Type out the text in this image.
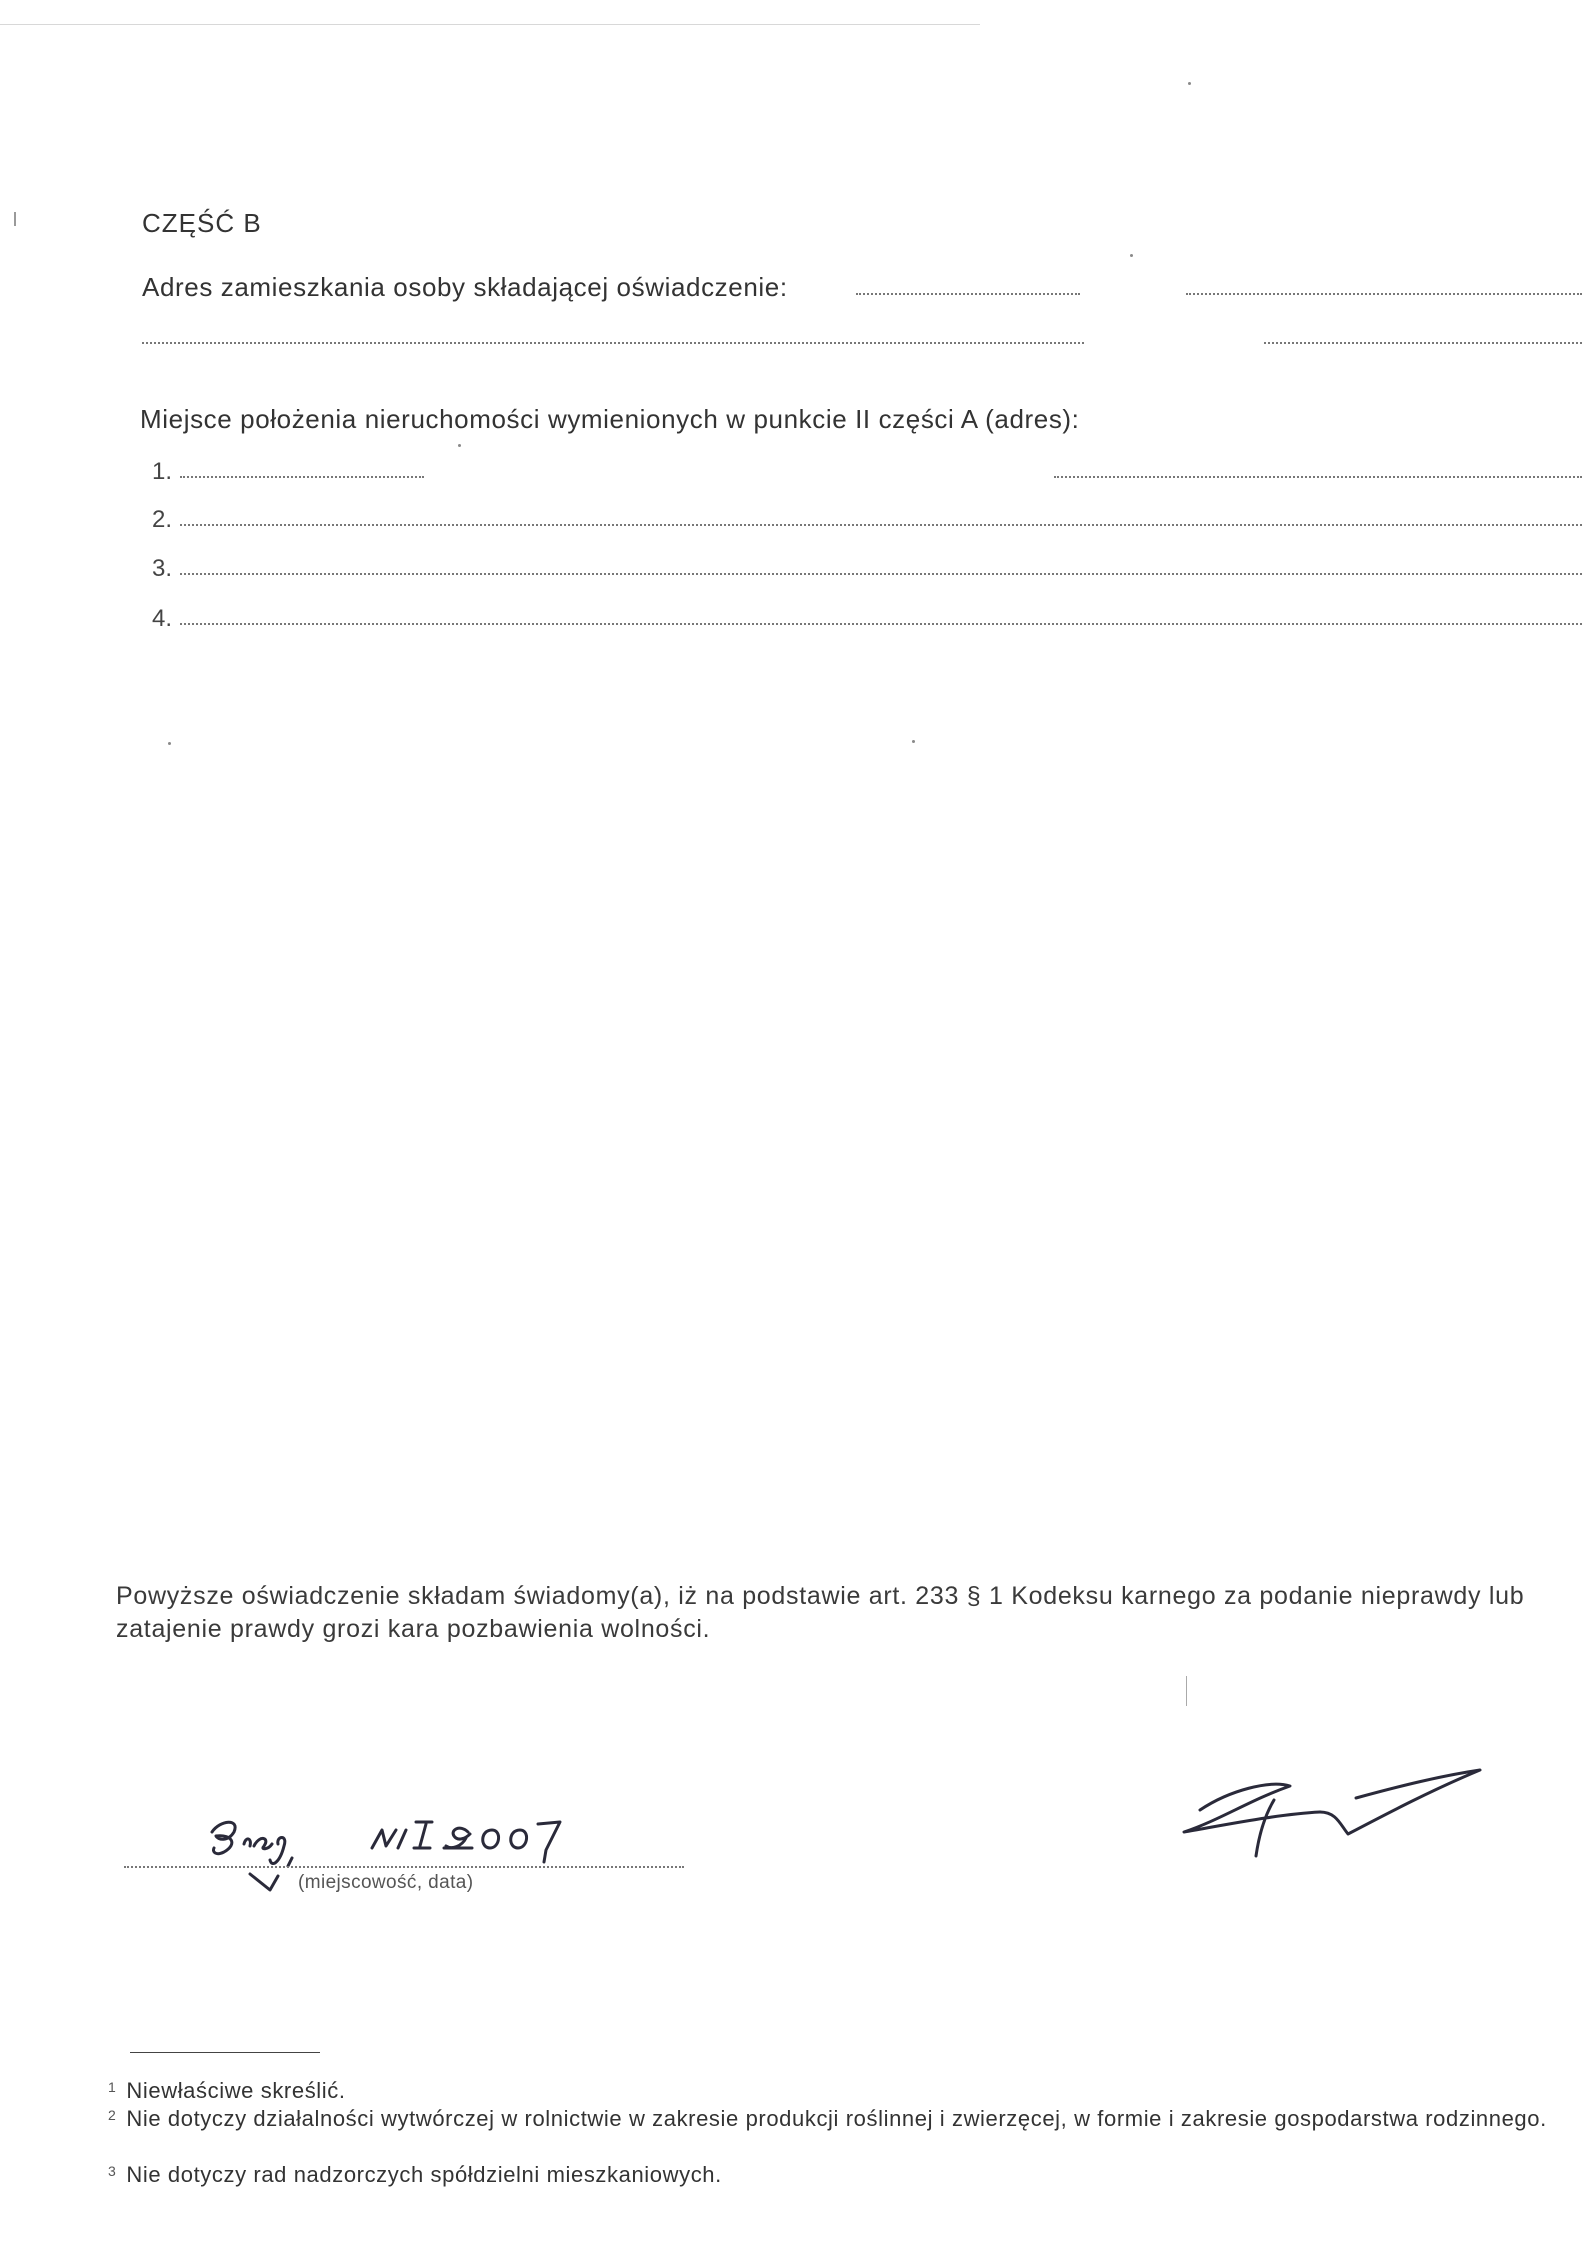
CZĘŚĆ B
Adres zamieszkania osoby składającej oświadczenie:
Miejsce położenia nieruchomości wymienionych w punkcie II części A (adres):
1.
2.
3.
4.
Powyższe oświadczenie składam świadomy(a), iż na podstawie art. 233 § 1 Kodeksu karnego za podanie nieprawdy lub zatajenie prawdy grozi kara pozbawienia wolności.
(miejscowość, data)
$^1$ Niewłaściwe skreślić.
$^2$ Nie dotyczy działalności wytwórczej w rolnictwie w zakresie produkcji roślinnej i zwierzęcej, w formie i zakresie gospodarstwa rodzinnego.
$^3$ Nie dotyczy rad nadzorczych spółdzielni mieszkaniowych.
